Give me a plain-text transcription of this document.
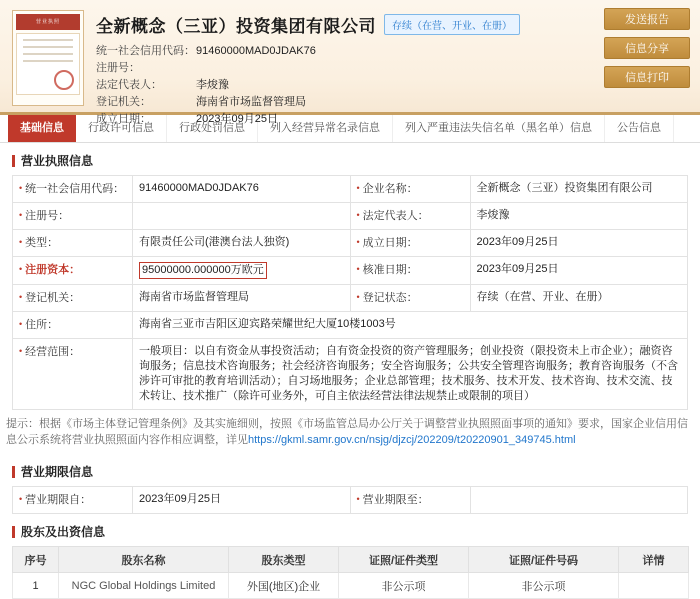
营业执照	全新概念（三亚）投资集团有限公司	存续（在营、开业、在册）
统一社会信用代码： 91460000MAD0JDAK76
注册号：
法定代表人：	李焌豫
登记机关：	海南省市场监督管理局
成立日期：	2023年09月25日
发送报告
信息分享
信息打印
基础信息	行政许可信息	行政处罚信息	列入经营异常名录信息	列入严重违法失信名单（黑名单）信息	公告信息
营业执照信息
• 统一社会信用代码：	91460000MAD0JDAK76	• 企业名称：	全新概念（三亚）投资集团有限公司
• 注册号：		• 法定代表人：	李焌豫
• 类型：	有限责任公司(港澳台法人独资)	• 成立日期：	2023年09月25日
• 注册资本：	95000000.000000万欧元	• 核准日期：	2023年09月25日
• 登记机关：	海南省市场监督管理局	• 登记状态：	存续（在营、开业、在册）
• 住所：	海南省三亚市吉阳区迎宾路荣耀世纪大厦10楼1003号		
• 经营范围：	一般项目：以自有资金从事投资活动；自有资金投资的资产管理服务；创业投资（限投资未上市企业）；融资咨询服务；信息技术咨询服务；社会经济咨询服务；安全咨询服务；公共安全管理咨询服务；教育咨询服务（不含涉许可审批的教育培训活动）；自习场地服务；企业总部管理；技术服务、技术开发、技术咨询、技术交流、技术转让、技术推广（除许可业务外，可自主依法经营法律法规禁止或限制的项目）		
提示：根据《市场主体登记管理条例》及其实施细则，按照《市场监管总局办公厅关于调整营业执照照面事项的通知》要求，国家企业信用信息公示系统将营业执照照面内容作相应调整，详见https://gkml.samr.gov.cn/nsjg/djzcj/202209/t20220901_349745.html
营业期限信息
• 营业期限自：	2023年09月25日	• 营业期限至：	
股东及出资信息
序号	股东名称	股东类型	证照/证件类型	证照/证件号码	详情
1	NGC Global Holdings Limited	外国(地区)企业	非公示项	非公示项	
